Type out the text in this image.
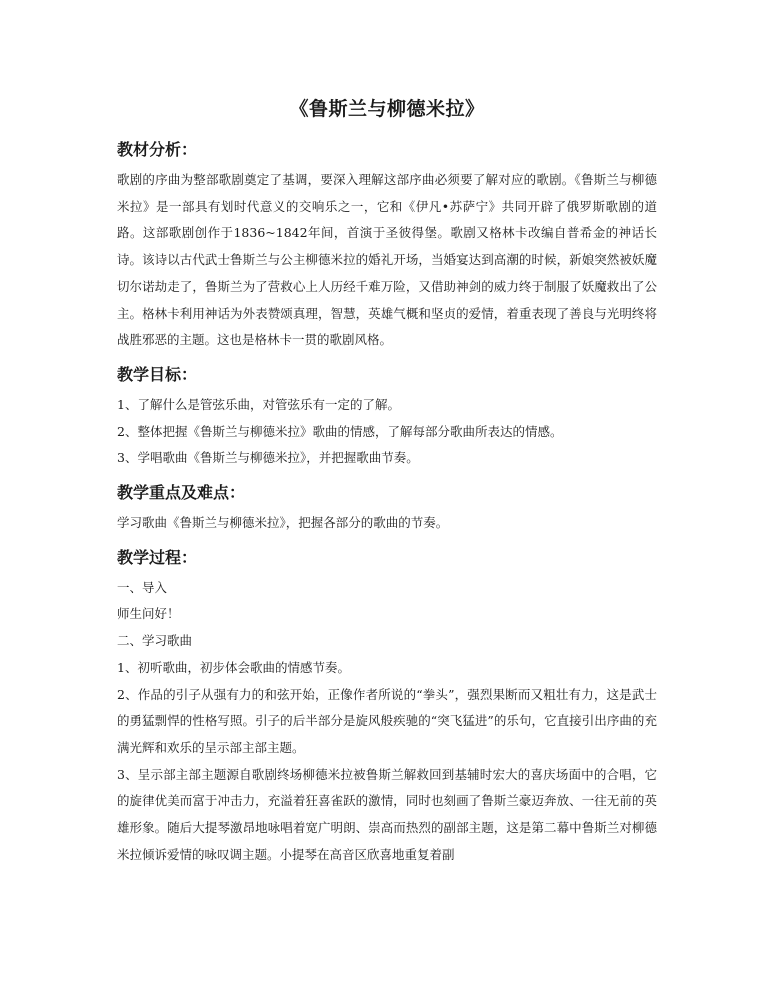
《鲁斯兰与柳德米拉》
教材分析：

歌剧的序曲为整部歌剧奠定了基调，要深入理解这部序曲必须要了解对应的歌剧。《鲁斯兰与柳德米拉》是一部具有划时代意义的交响乐之一，它和《伊凡•苏萨宁》共同开辟了俄罗斯歌剧的道路。这部歌剧创作于1836~1842年间，首演于圣彼得堡。歌剧又格林卡改编自普希金的神话长诗。该诗以古代武士鲁斯兰与公主柳德米拉的婚礼开场，当婚宴达到高潮的时候，新娘突然被妖魔切尔诺劫走了，鲁斯兰为了营救心上人历经千难万险，又借助神剑的威力终于制服了妖魔救出了公主。格林卡利用神话为外表赞颂真理，智慧，英雄气概和坚贞的爱情，着重表现了善良与光明终将战胜邪恶的主题。这也是格林卡一贯的歌剧风格。

教学目标：

1、了解什么是管弦乐曲，对管弦乐有一定的了解。

2、整体把握《鲁斯兰与柳德米拉》歌曲的情感，了解每部分歌曲所表达的情感。

3、学唱歌曲《鲁斯兰与柳德米拉》，并把握歌曲节奏。

教学重点及难点：

学习歌曲《鲁斯兰与柳德米拉》，把握各部分的歌曲的节奏。

教学过程：

一、导入

师生问好！

二、学习歌曲

1、初听歌曲，初步体会歌曲的情感节奏。

2、作品的引子从强有力的和弦开始，正像作者所说的“拳头”，强烈果断而又粗壮有力，这是武士的勇猛剽悍的性格写照。引子的后半部分是旋风般疾驰的“突飞猛进”的乐句，它直接引出序曲的充满光辉和欢乐的呈示部主部主题。

3、呈示部主部主题源自歌剧终场柳德米拉被鲁斯兰解救回到基辅时宏大的喜庆场面中的合唱，它的旋律优美而富于冲击力，充溢着狂喜雀跃的激情，同时也刻画了鲁斯兰豪迈奔放、一往无前的英雄形象。随后大提琴激昂地咏唱着宽广明朗、崇高而热烈的副部主题，这是第二幕中鲁斯兰对柳德米拉倾诉爱情的咏叹调主题。小提琴在高音区欣喜地重复着副
